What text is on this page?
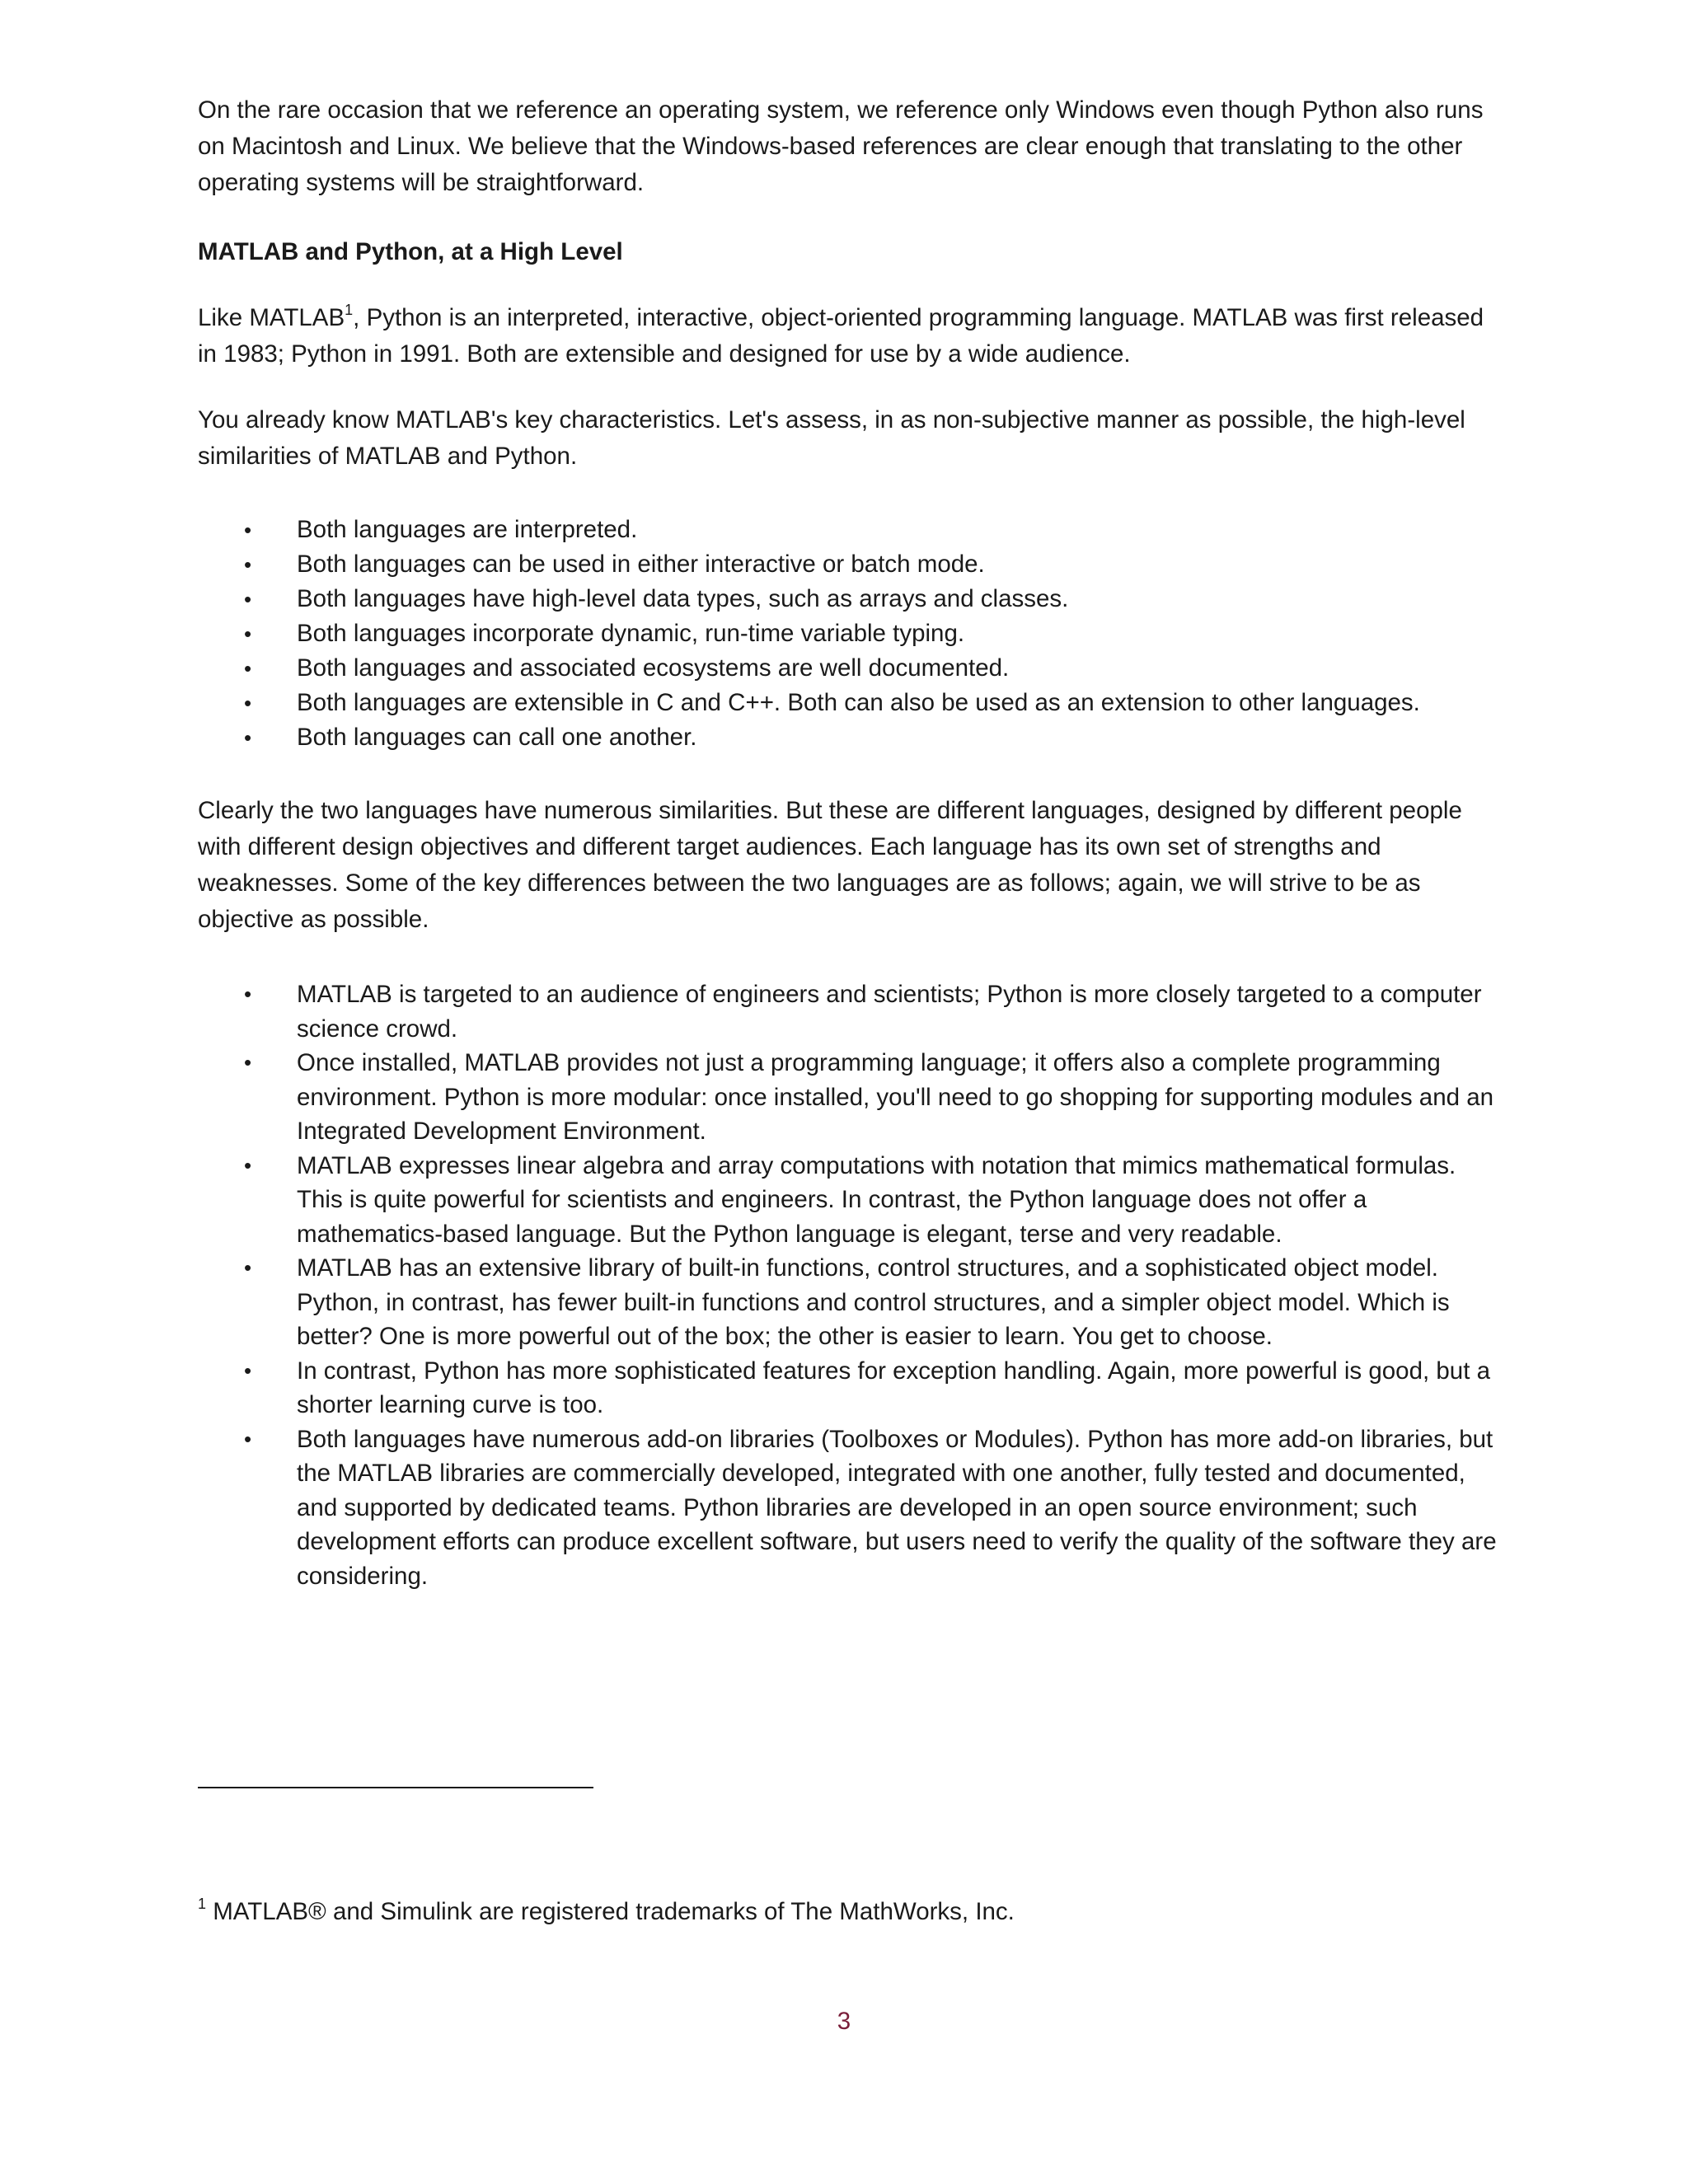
On the rare occasion that we reference an operating system, we reference only Windows even though Python also runs on Macintosh and Linux. We believe that the Windows-based references are clear enough that translating to the other operating systems will be straightforward.

MATLAB and Python, at a High Level

Like MATLAB$^1$, Python is an interpreted, interactive, object-oriented programming language. MATLAB was first released in 1983; Python in 1991. Both are extensible and designed for use by a wide audience.

You already know MATLAB's key characteristics. Let's assess, in as non-subjective manner as possible, the high-level similarities of MATLAB and Python.

• Both languages are interpreted.
• Both languages can be used in either interactive or batch mode.
• Both languages have high-level data types, such as arrays and classes.
• Both languages incorporate dynamic, run-time variable typing.
• Both languages and associated ecosystems are well documented.
• Both languages are extensible in C and C++. Both can also be used as an extension to other languages.
• Both languages can call one another.

Clearly the two languages have numerous similarities. But these are different languages, designed by different people with different design objectives and different target audiences. Each language has its own set of strengths and weaknesses. Some of the key differences between the two languages are as follows; again, we will strive to be as objective as possible.

• MATLAB is targeted to an audience of engineers and scientists; Python is more closely targeted to a computer science crowd.
• Once installed, MATLAB provides not just a programming language; it offers also a complete programming environment. Python is more modular: once installed, you'll need to go shopping for supporting modules and an Integrated Development Environment.
• MATLAB expresses linear algebra and array computations with notation that mimics mathematical formulas. This is quite powerful for scientists and engineers. In contrast, the Python language does not offer a mathematics-based language. But the Python language is elegant, terse and very readable.
• MATLAB has an extensive library of built-in functions, control structures, and a sophisticated object model. Python, in contrast, has fewer built-in functions and control structures, and a simpler object model. Which is better? One is more powerful out of the box; the other is easier to learn. You get to choose.
• In contrast, Python has more sophisticated features for exception handling. Again, more powerful is good, but a shorter learning curve is too.
• Both languages have numerous add-on libraries (Toolboxes or Modules). Python has more add-on libraries, but the MATLAB libraries are commercially developed, integrated with one another, fully tested and documented, and supported by dedicated teams. Python libraries are developed in an open source environment; such development efforts can produce excellent software, but users need to verify the quality of the software they are considering.
$^1$ MATLAB® and Simulink are registered trademarks of The MathWorks, Inc.
3
